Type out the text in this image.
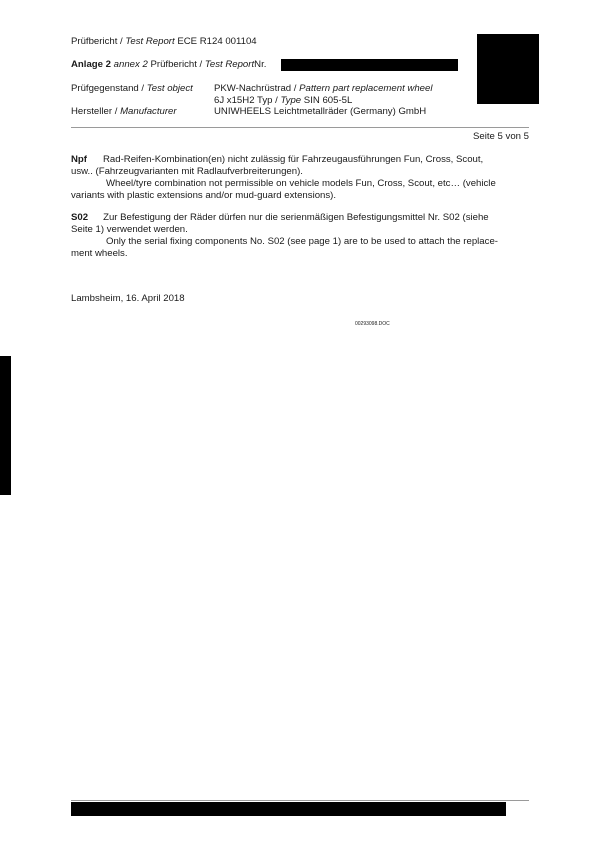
Prüfbericht / Test Report ECE R124 001104
Anlage 2 annex 2 Prüfbericht / Test ReportNr.
Prüfgegenstand / Test object PKW-Nachrüstrad / Pattern part replacement wheel
6J x15H2 Typ / Type SIN 605-5L
Hersteller / Manufacturer	UNIWHEELS Leichtmetallräder (Germany) GmbH
Seite 5 von 5
Npf Rad-Reifen-Kombination(en) nicht zulässig für Fahrzeugausführungen Fun, Cross, Scout,
usw.. (Fahrzeugvarianten mit Radlaufverbreiterungen).
Wheel/tyre combination not permissible on vehicle models Fun, Cross, Scout, etc… (vehicle
variants with plastic extensions and/or mud-guard extensions).
S02 Zur Befestigung der Räder dürfen nur die serienmäßigen Befestigungsmittel Nr. S02 (siehe
Seite 1) verwendet werden.
Only the serial fixing components No. S02 (see page 1) are to be used to attach the replace-
ment wheels.
Lambsheim, 16. April 2018
00293098.DOC
